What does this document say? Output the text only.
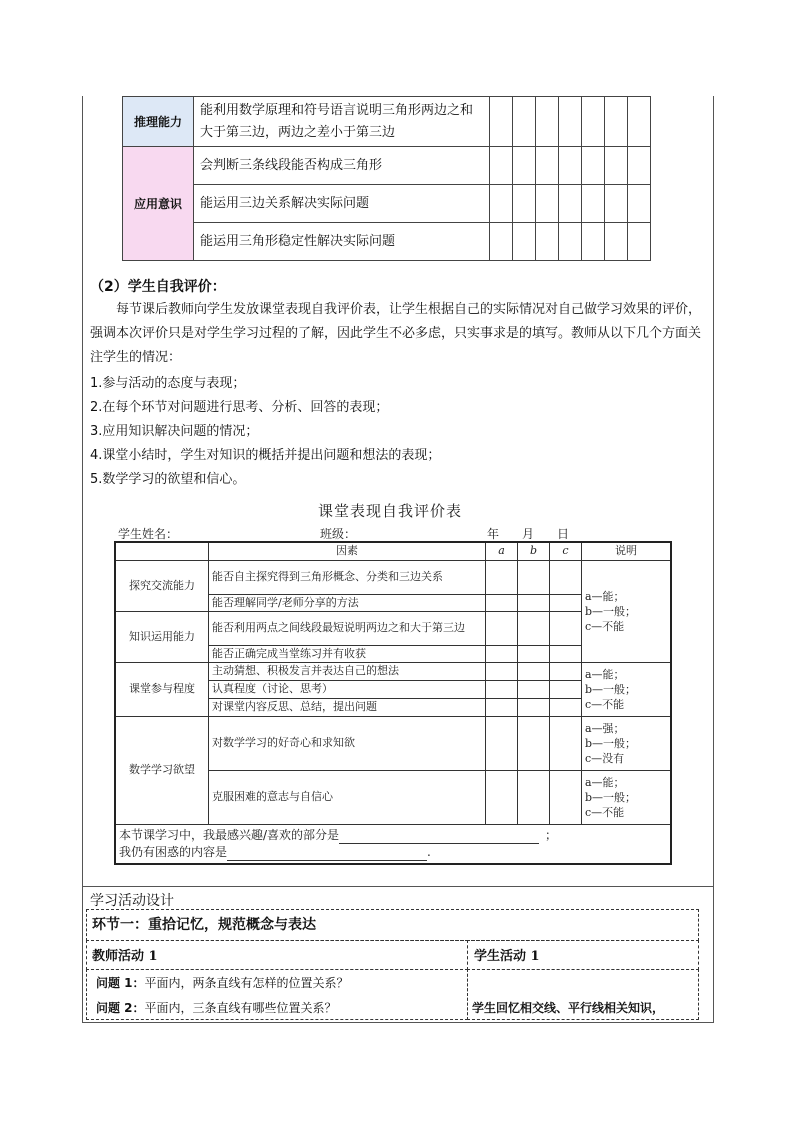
推理能力	能利用数学原理和符号语言说明三角形两边之和大于第三边，两边之差小于第三边							
应用意识	会判断三条线段能否构成三角形							
	能运用三边关系解决实际问题							
	能运用三角形稳定性解决实际问题							
（2）学生自我评价：
每节课后教师向学生发放课堂表现自我评价表，让学生根据自己的实际情况对自己做学习效果的评价，强调本次评价只是对学生学习过程的了解，因此学生不必多虑，只实事求是的填写。教师从以下几个方面关注学生的情况：
1.参与活动的态度与表现；
2.在每个环节对问题进行思考、分析、回答的表现；
3.应用知识解决问题的情况；
4.课堂小结时，学生对知识的概括并提出问题和想法的表现；
5.数学学习的欲望和信心。
课堂表现自我评价表
学生姓名：	班级：	年 月 日
	因素	a	b	c	说明
探究交流能力	能否自主探究得到三角形概念、分类和三边关系				a—能；
b—一般；
c—不能

	能否理解同学/老师分享的方法				
知识运用能力	能否利用两点之间线段最短说明两边之和大于第三边				
	能否正确完成当堂练习并有收获				
课堂参与程度	主动猜想、积极发言并表达自己的想法				a—能；
b—一般；
c—不能

	认真程度（讨论、思考）				
	对课堂内容反思、总结，提出问题				
数学学习欲望	对数学学习的好奇心和求知欲				a—强；
b—一般；
c—没有

	克服困难的意志与自信心				a—能；
b—一般；
c—不能

本节课学习中，我最感兴趣/喜欢的部分是 ；
我仍有困惑的内容是 .					
学习活动设计
环节一：重拾记忆，规范概念与表达
教师活动 1	学生活动 1
问题 1：平面内，两条直线有怎样的位置关系？
问题 2：平面内，三条直线有哪些位置关系？	学生回忆相交线、平行线相关知识，
